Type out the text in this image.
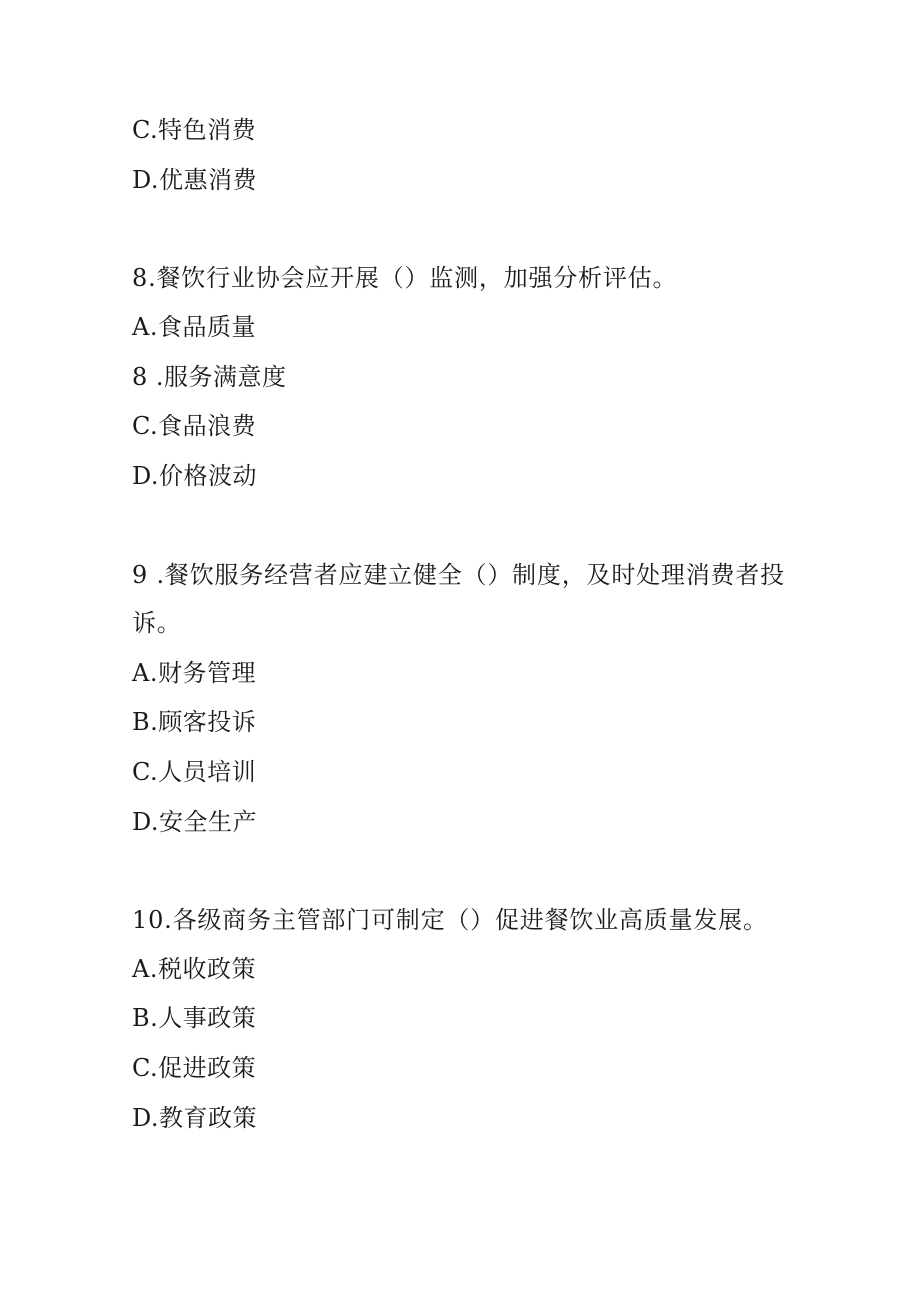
C.特色消费
D.优惠消费
8.餐饮行业协会应开展（）监测，加强分析评估。
A.食品质量
8 .服务满意度
C.食品浪费
D.价格波动
9 .餐饮服务经营者应建立健全（）制度，及时处理消费者投
诉。
A.财务管理
B.顾客投诉
C.人员培训
D.安全生产
10.各级商务主管部门可制定（）促进餐饮业高质量发展。
A.税收政策
B.人事政策
C.促进政策
D.教育政策
